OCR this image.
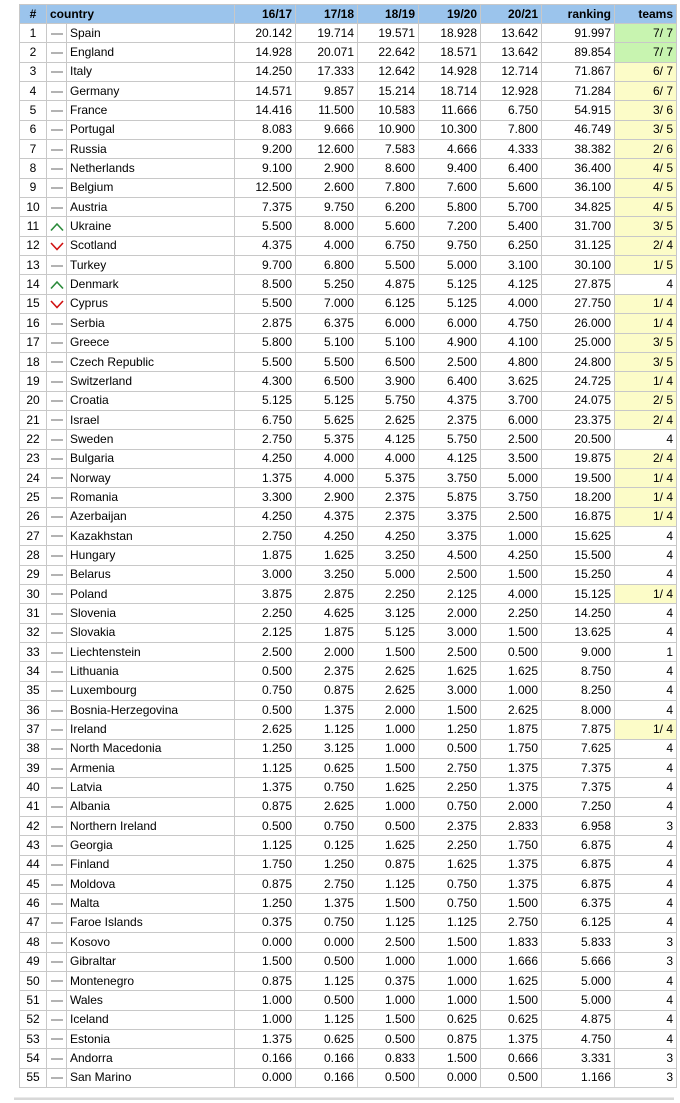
#	country		16/17	17/18	18/19	19/20	20/21	ranking	teams
1		Spain	20.142	19.714	19.571	18.928	13.642	91.997	7/ 7
2		England	14.928	20.071	22.642	18.571	13.642	89.854	7/ 7
3		Italy	14.250	17.333	12.642	14.928	12.714	71.867	6/ 7
4		Germany	14.571	9.857	15.214	18.714	12.928	71.284	6/ 7
5		France	14.416	11.500	10.583	11.666	6.750	54.915	3/ 6
6		Portugal	8.083	9.666	10.900	10.300	7.800	46.749	3/ 5
7		Russia	9.200	12.600	7.583	4.666	4.333	38.382	2/ 6
8		Netherlands	9.100	2.900	8.600	9.400	6.400	36.400	4/ 5
9		Belgium	12.500	2.600	7.800	7.600	5.600	36.100	4/ 5
10		Austria	7.375	9.750	6.200	5.800	5.700	34.825	4/ 5
11		Ukraine	5.500	8.000	5.600	7.200	5.400	31.700	3/ 5
12		Scotland	4.375	4.000	6.750	9.750	6.250	31.125	2/ 4
13		Turkey	9.700	6.800	5.500	5.000	3.100	30.100	1/ 5
14		Denmark	8.500	5.250	4.875	5.125	4.125	27.875	4
15		Cyprus	5.500	7.000	6.125	5.125	4.000	27.750	1/ 4
16		Serbia	2.875	6.375	6.000	6.000	4.750	26.000	1/ 4
17		Greece	5.800	5.100	5.100	4.900	4.100	25.000	3/ 5
18		Czech Republic	5.500	5.500	6.500	2.500	4.800	24.800	3/ 5
19		Switzerland	4.300	6.500	3.900	6.400	3.625	24.725	1/ 4
20		Croatia	5.125	5.125	5.750	4.375	3.700	24.075	2/ 5
21		Israel	6.750	5.625	2.625	2.375	6.000	23.375	2/ 4
22		Sweden	2.750	5.375	4.125	5.750	2.500	20.500	4
23		Bulgaria	4.250	4.000	4.000	4.125	3.500	19.875	2/ 4
24		Norway	1.375	4.000	5.375	3.750	5.000	19.500	1/ 4
25		Romania	3.300	2.900	2.375	5.875	3.750	18.200	1/ 4
26		Azerbaijan	4.250	4.375	2.375	3.375	2.500	16.875	1/ 4
27		Kazakhstan	2.750	4.250	4.250	3.375	1.000	15.625	4
28		Hungary	1.875	1.625	3.250	4.500	4.250	15.500	4
29		Belarus	3.000	3.250	5.000	2.500	1.500	15.250	4
30		Poland	3.875	2.875	2.250	2.125	4.000	15.125	1/ 4
31		Slovenia	2.250	4.625	3.125	2.000	2.250	14.250	4
32		Slovakia	2.125	1.875	5.125	3.000	1.500	13.625	4
33		Liechtenstein	2.500	2.000	1.500	2.500	0.500	9.000	1
34		Lithuania	0.500	2.375	2.625	1.625	1.625	8.750	4
35		Luxembourg	0.750	0.875	2.625	3.000	1.000	8.250	4
36		Bosnia-Herzegovina	0.500	1.375	2.000	1.500	2.625	8.000	4
37		Ireland	2.625	1.125	1.000	1.250	1.875	7.875	1/ 4
38		North Macedonia	1.250	3.125	1.000	0.500	1.750	7.625	4
39		Armenia	1.125	0.625	1.500	2.750	1.375	7.375	4
40		Latvia	1.375	0.750	1.625	2.250	1.375	7.375	4
41		Albania	0.875	2.625	1.000	0.750	2.000	7.250	4
42		Northern Ireland	0.500	0.750	0.500	2.375	2.833	6.958	3
43		Georgia	1.125	0.125	1.625	2.250	1.750	6.875	4
44		Finland	1.750	1.250	0.875	1.625	1.375	6.875	4
45		Moldova	0.875	2.750	1.125	0.750	1.375	6.875	4
46		Malta	1.250	1.375	1.500	0.750	1.500	6.375	4
47		Faroe Islands	0.375	0.750	1.125	1.125	2.750	6.125	4
48		Kosovo	0.000	0.000	2.500	1.500	1.833	5.833	3
49		Gibraltar	1.500	0.500	1.000	1.000	1.666	5.666	3
50		Montenegro	0.875	1.125	0.375	1.000	1.625	5.000	4
51		Wales	1.000	0.500	1.000	1.000	1.500	5.000	4
52		Iceland	1.000	1.125	1.500	0.625	0.625	4.875	4
53		Estonia	1.375	0.625	0.500	0.875	1.375	4.750	4
54		Andorra	0.166	0.166	0.833	1.500	0.666	3.331	3
55		San Marino	0.000	0.166	0.500	0.000	0.500	1.166	3
